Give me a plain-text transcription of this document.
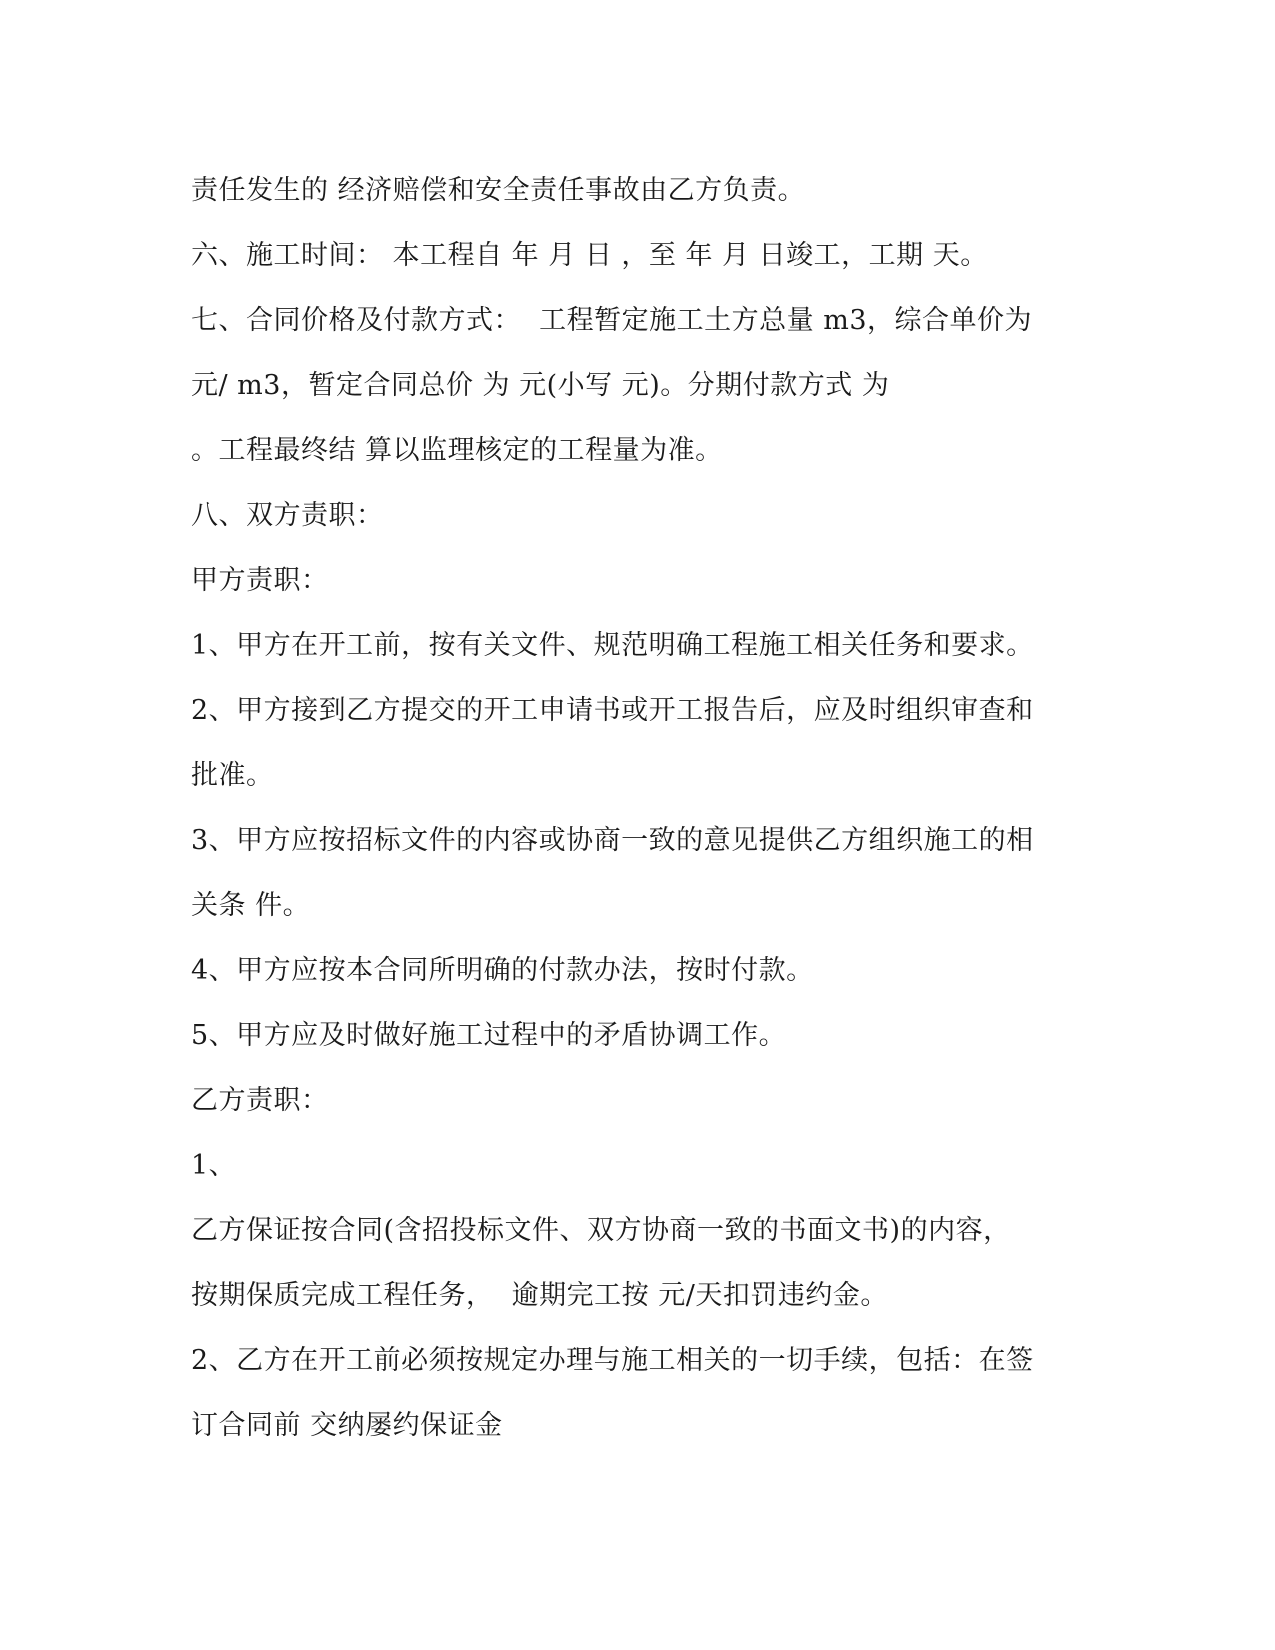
责任发生的 经济赔偿和安全责任事故由乙方负责。
六、施工时间： 本工程自 年 月 日 ，至 年 月 日竣工，工期 天。
七、合同价格及付款方式：  工程暂定施工土方总量 m3，综合单价为
元/ m3，暂定合同总价 为 元(小写 元)。分期付款方式 为
。工程最终结 算以监理核定的工程量为准。
八、双方责职：
甲方责职：
1、甲方在开工前，按有关文件、规范明确工程施工相关任务和要求。
2、甲方接到乙方提交的开工申请书或开工报告后，应及时组织审查和
批准。
3、甲方应按招标文件的内容或协商一致的意见提供乙方组织施工的相
关条 件。
4、甲方应按本合同所明确的付款办法，按时付款。
5、甲方应及时做好施工过程中的矛盾协调工作。
乙方责职：
1、
乙方保证按合同(含招投标文件、双方协商一致的书面文书)的内容，
按期保质完成工程任务，  逾期完工按 元/天扣罚违约金。
2、乙方在开工前必须按规定办理与施工相关的一切手续，包括：在签
订合同前 交纳屡约保证金
